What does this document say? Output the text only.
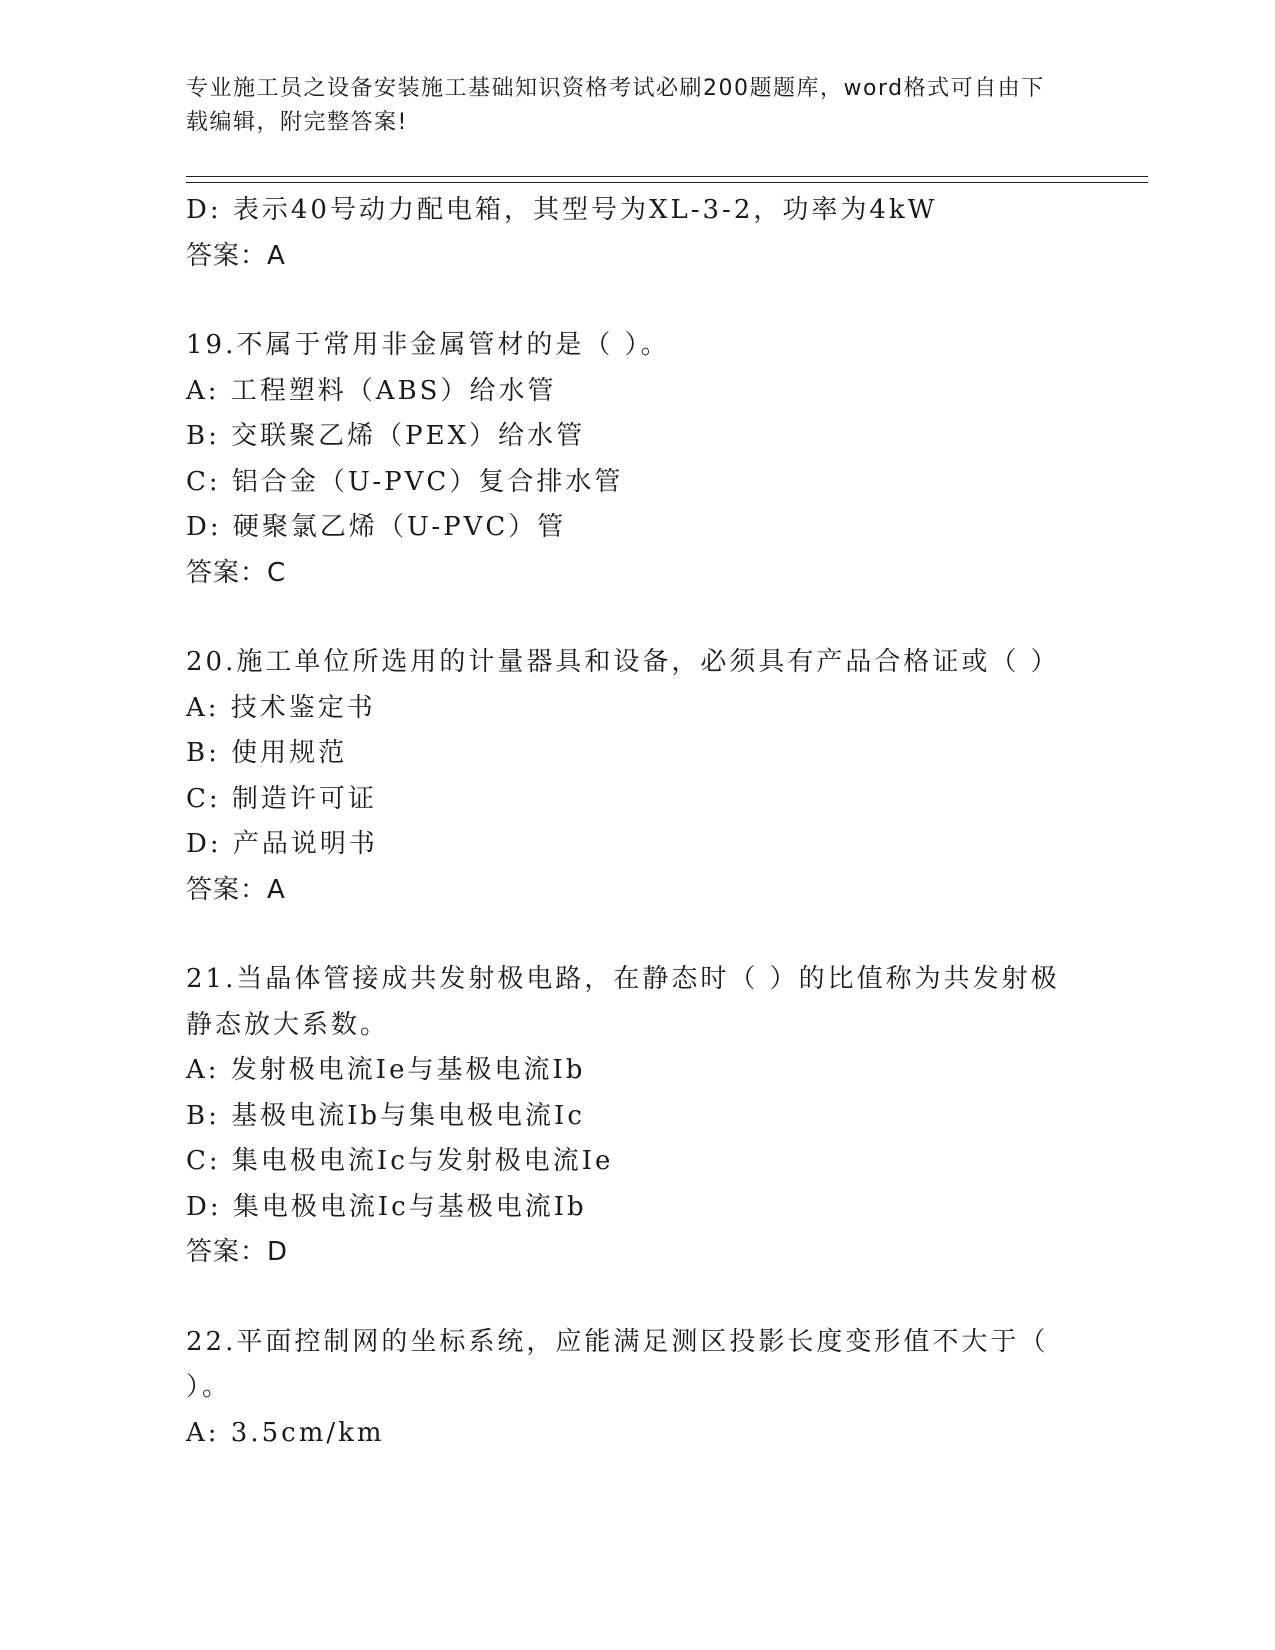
专业施工员之设备安装施工基础知识资格考试必刷200题题库，word格式可自由下载编辑，附完整答案!
D: 表示40号动力配电箱，其型号为XL-3-2，功率为4kW
答案：A
19.不属于常用非金属管材的是（ ）。
A: 工程塑料（ABS）给水管
B: 交联聚乙烯（PEX）给水管
C: 铝合金（U-PVC）复合排水管
D: 硬聚氯乙烯（U-PVC）管
答案：C
20.施工单位所选用的计量器具和设备，必须具有产品合格证或（ ）
A: 技术鉴定书
B: 使用规范
C: 制造许可证
D: 产品说明书
答案：A
21.当晶体管接成共发射极电路，在静态时（ ）的比值称为共发射极
静态放大系数。
A: 发射极电流Ie与基极电流Ib
B: 基极电流Ib与集电极电流Ic
C: 集电极电流Ic与发射极电流Ie
D: 集电极电流Ic与基极电流Ib
答案：D
22.平面控制网的坐标系统，应能满足测区投影长度变形值不大于（
）。
A: 3.5cm/km
